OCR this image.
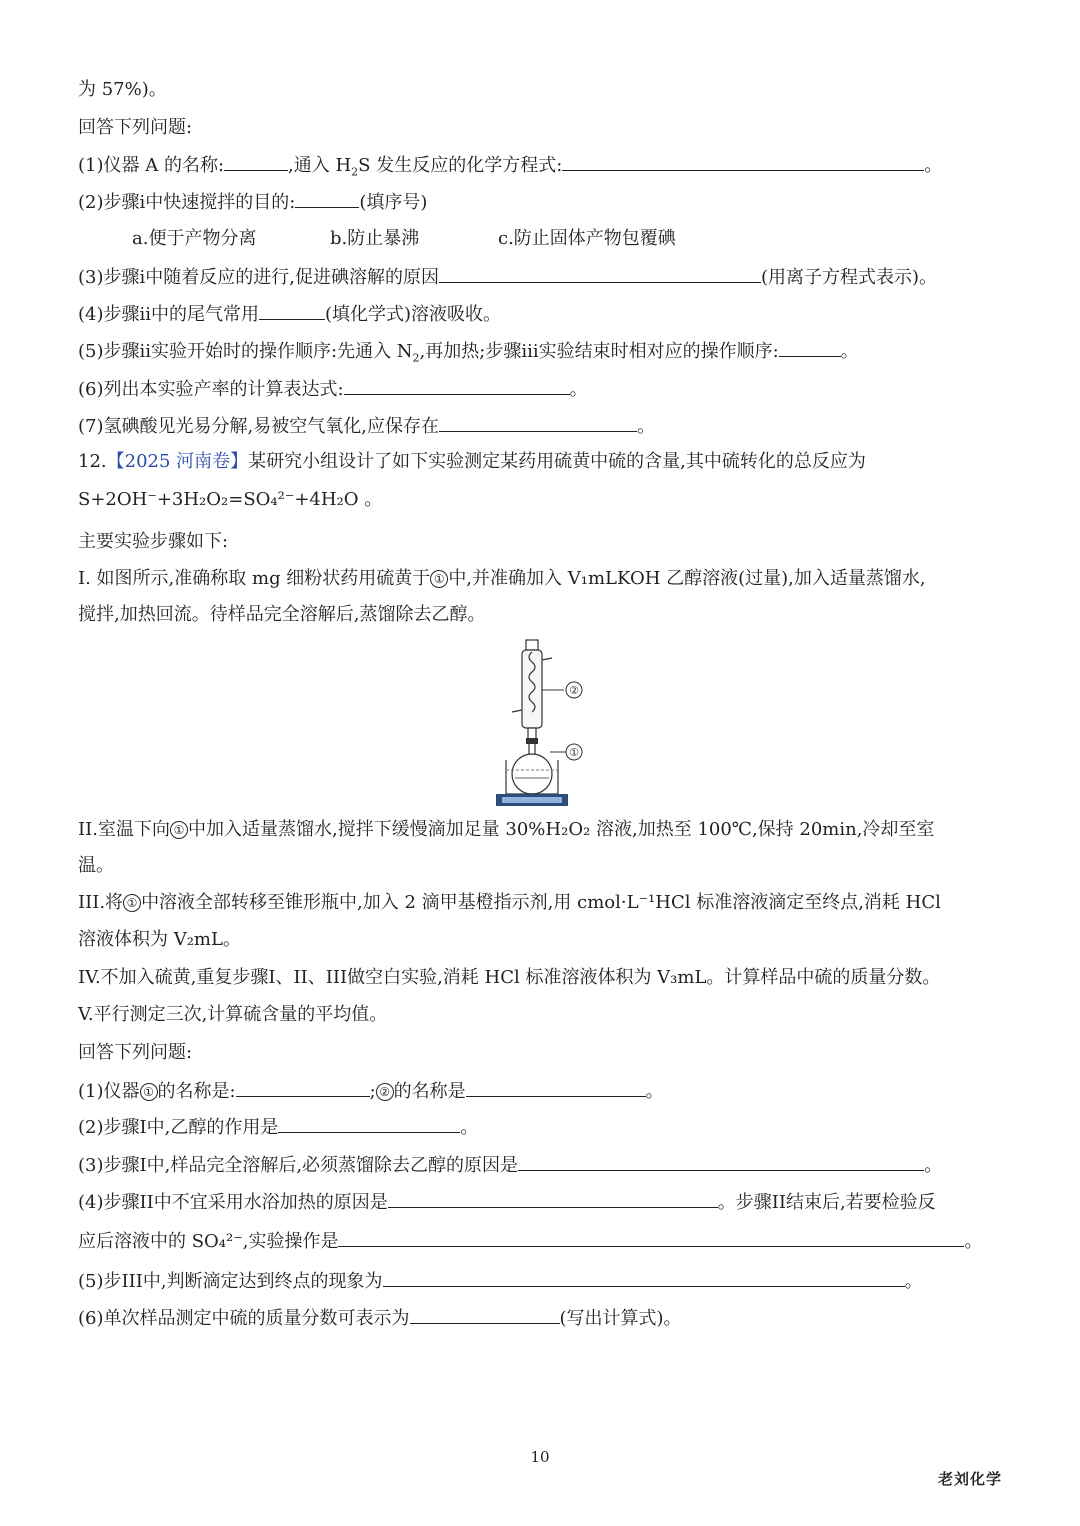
为 57%)。
回答下列问题:
(1)仪器 A 的名称:	,通入 $H_2S$ 发生反应的化学方程式:	。
(2)步骤ⅰ中快速搅拌的目的:	(填序号)
a.便于产物分离	b.防止暴沸	c.防止固体产物包覆碘
(3)步骤ⅰ中随着反应的进行,促进碘溶解的原因	(用离子方程式表示)。
(4)步骤ⅱ中的尾气常用	(填化学式)溶液吸收。
(5)步骤ⅱ实验开始时的操作顺序:先通入 $N_2$,再加热;步骤ⅲ实验结束时相对应的操作顺序:	。
(6)列出本实验产率的计算表达式:	。
(7)氢碘酸见光易分解,易被空气氧化,应保存在	。
12.【2025 河南卷】某研究小组设计了如下实验测定某药用硫黄中硫的含量,其中硫转化的总反应为
S+2OH⁻+3H₂O₂=SO₄²⁻+4H₂O 。
主要实验步骤如下:
I. 如图所示,准确称取 mg 细粉状药用硫黄于 ① 中,并准确加入 V₁mLKOH 乙醇溶液(过量),加入适量蒸馏水,
搅拌,加热回流。待样品完全溶解后,蒸馏除去乙醇。
②
①
II.室温下向 ① 中加入适量蒸馏水,搅拌下缓慢滴加足量 30%H₂O₂ 溶液,加热至 100℃,保持 20min,冷却至室
温。
III.将 ① 中溶液全部转移至锥形瓶中,加入 2 滴甲基橙指示剂,用 cmol·L⁻¹HCl 标准溶液滴定至终点,消耗 HCl
溶液体积为 V₂mL。
IV.不加入硫黄,重复步骤I、II、III做空白实验,消耗 HCl 标准溶液体积为 V₃mL。计算样品中硫的质量分数。
V.平行测定三次,计算硫含量的平均值。
回答下列问题:
(1)仪器 ① 的名称是:	; ② 的名称是	。
(2)步骤I中,乙醇的作用是	。
(3)步骤I中,样品完全溶解后,必须蒸馏除去乙醇的原因是	。
(4)步骤II中不宜采用水浴加热的原因是	。步骤II结束后,若要检验反
应后溶液中的 SO₄²⁻,实验操作是	。
(5)步III中,判断滴定达到终点的现象为	。
(6)单次样品测定中硫的质量分数可表示为	(写出计算式)。
10
老刘化学
